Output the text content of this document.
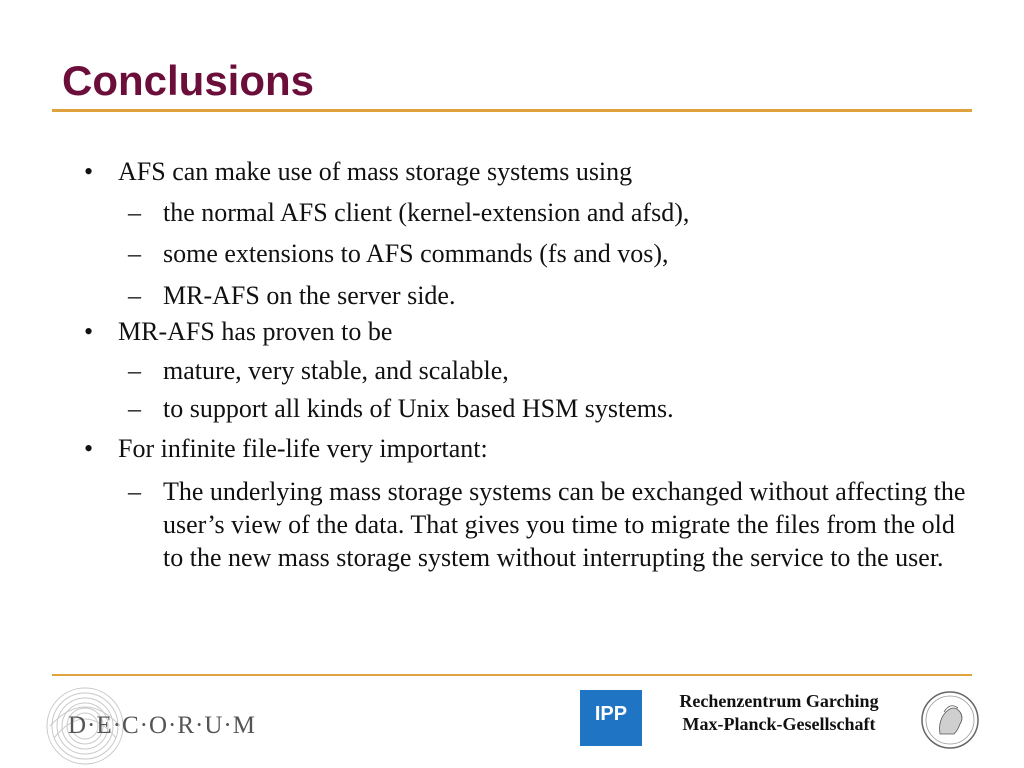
Conclusions
• AFS can make use of mass storage systems using
– the normal AFS client (kernel-extension and afsd),
– some extensions to AFS commands (fs and vos),
– MR-AFS on the server side.
• MR-AFS has proven to be
– mature, very stable, and scalable,
– to support all kinds of Unix based HSM systems.
• For infinite file-life very important:
– The underlying mass storage systems can be exchanged without affecting the user’s view of the data. That gives you time to migrate the files from the old to the new mass storage system without interrupting the service to the user.
D·E·C·O·R·U·M	IPP
Rechenzentrum Garching
Max-Planck-Gesellschaft
